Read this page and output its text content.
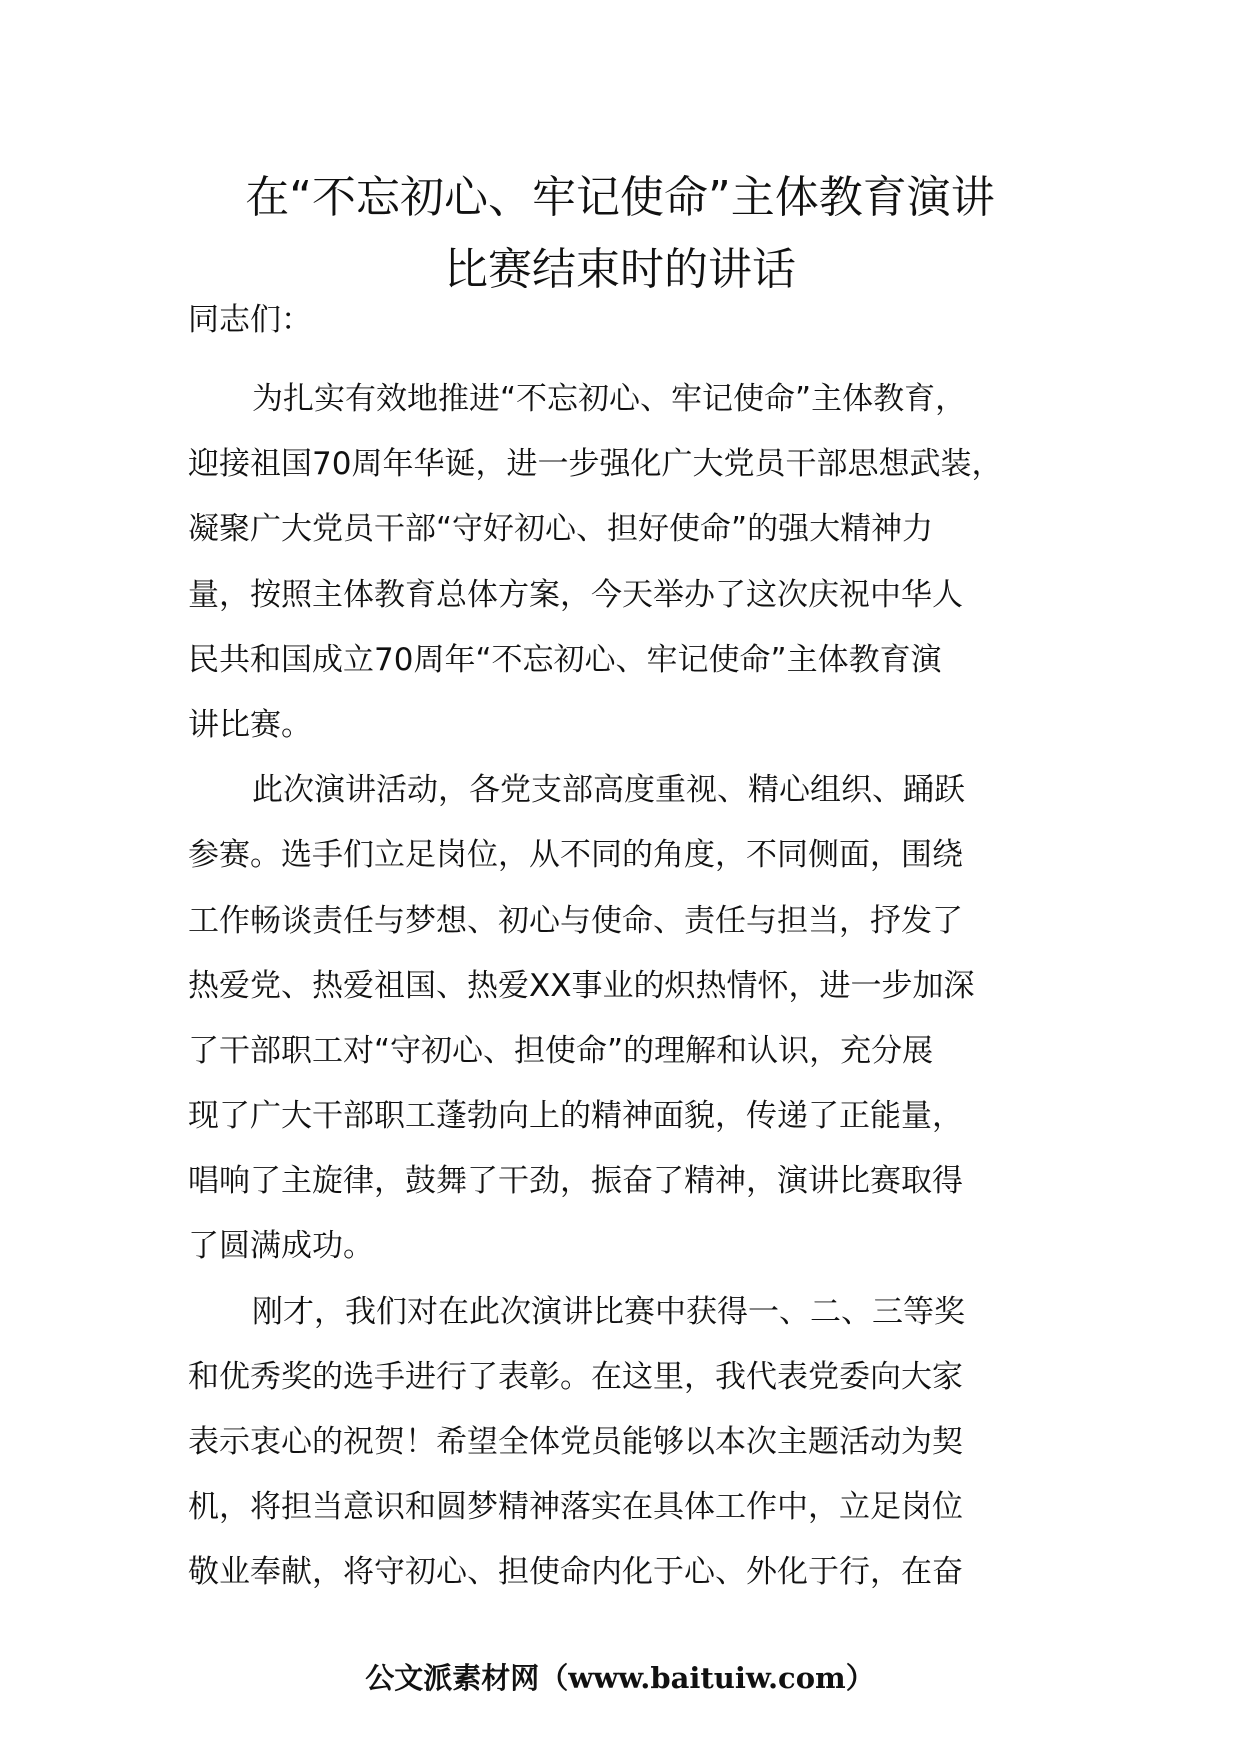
在“不忘初心、牢记使命”主体教育演讲
比赛结束时的讲话
同志们：
为扎实有效地推进“不忘初心、牢记使命”主体教育，
迎接祖国70周年华诞，进一步强化广大党员干部思想武装，
凝聚广大党员干部“守好初心、担好使命”的强大精神力
量，按照主体教育总体方案，今天举办了这次庆祝中华人
民共和国成立70周年“不忘初心、牢记使命”主体教育演
讲比赛。
此次演讲活动，各党支部高度重视、精心组织、踊跃
参赛。选手们立足岗位，从不同的角度，不同侧面，围绕
工作畅谈责任与梦想、初心与使命、责任与担当，抒发了
热爱党、热爱祖国、热爱XX事业的炽热情怀，进一步加深
了干部职工对“守初心、担使命”的理解和认识，充分展
现了广大干部职工蓬勃向上的精神面貌，传递了正能量，
唱响了主旋律，鼓舞了干劲，振奋了精神，演讲比赛取得
了圆满成功。
刚才，我们对在此次演讲比赛中获得一、二、三等奖
和优秀奖的选手进行了表彰。在这里，我代表党委向大家
表示衷心的祝贺！希望全体党员能够以本次主题活动为契
机，将担当意识和圆梦精神落实在具体工作中，立足岗位
敬业奉献，将守初心、担使命内化于心、外化于行，在奋
公文派素材网（www.baituiw.com）
